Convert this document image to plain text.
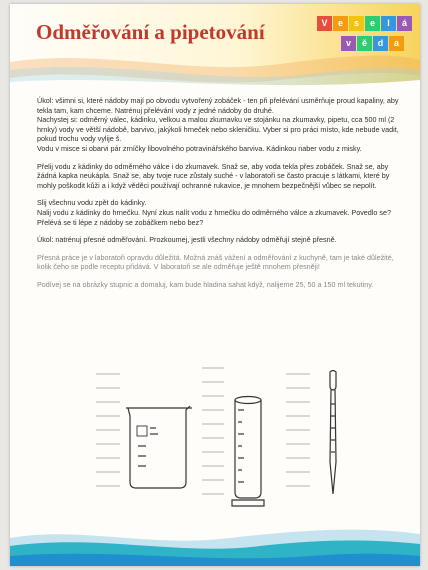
Odměřování a pipetování	V	e	s	e	l	á
v	ě	d	a

Úkol: všimni si, které nádoby mají po obvodu vytvořený zobáček - ten při přelévání usměrňuje proud kapaliny, aby tekla tam, kam chceme. Natrénuj přelévání vody z jedné nádoby do druhé.

Nachystej si: odměrný válec, kádinku, velkou a malou zkumavku ve stojánku na zkumavky, pipetu, cca 500 ml (2 hrnky) vody ve větší nádobě, barvivo, jakýkoli hrneček nebo skleničku. Vyber si pro práci místo, kde nebude vadit, pokud trochu vody vylije š.

Vodu v misce si obarvi pár zrníčky libovolného potravinářského barviva. Kádinkou naber vodu z misky.

Přelij vodu z kádinky do odměrného válce i do zkumavek. Snaž se, aby voda tekla přes zobáček. Snaž se, aby žádná kapka neukápla. Snaž se, aby tvoje ruce zůstaly suché - v laboratoři se často pracuje s látkami, které by mohly poškodit kůži a i když věděci používají ochranné rukavice, je mnohem bezpečnější vůbec se nepolít.

Slij všechnu vodu zpět do kádinky.

Nalij vodu z kádinky do hrnečku. Nyní zkus nalít vodu z hrnečku do odměrného válce a zkumavek. Povedlo se? Přelévá se ti lépe z nádoby se zobáčkem nebo bez?

Úkol: natrénuj přesné odměřování. Prozkoumej, jestli všechny nádoby odměřují stejně přesně.

Přesná práce je v laboratoři opravdu důležitá. Možná znáš vážení a odměřování z kuchyně, tam je také důležité, kolik čeho se podle receptu přidává. V laboratoři se ale odměřuje ještě mnohem přesněji!

Podívej se na obrázky stupnic a domaluj, kam bude hladina sahat když, nalijeme 25, 50 a 150 ml tekutiny.
